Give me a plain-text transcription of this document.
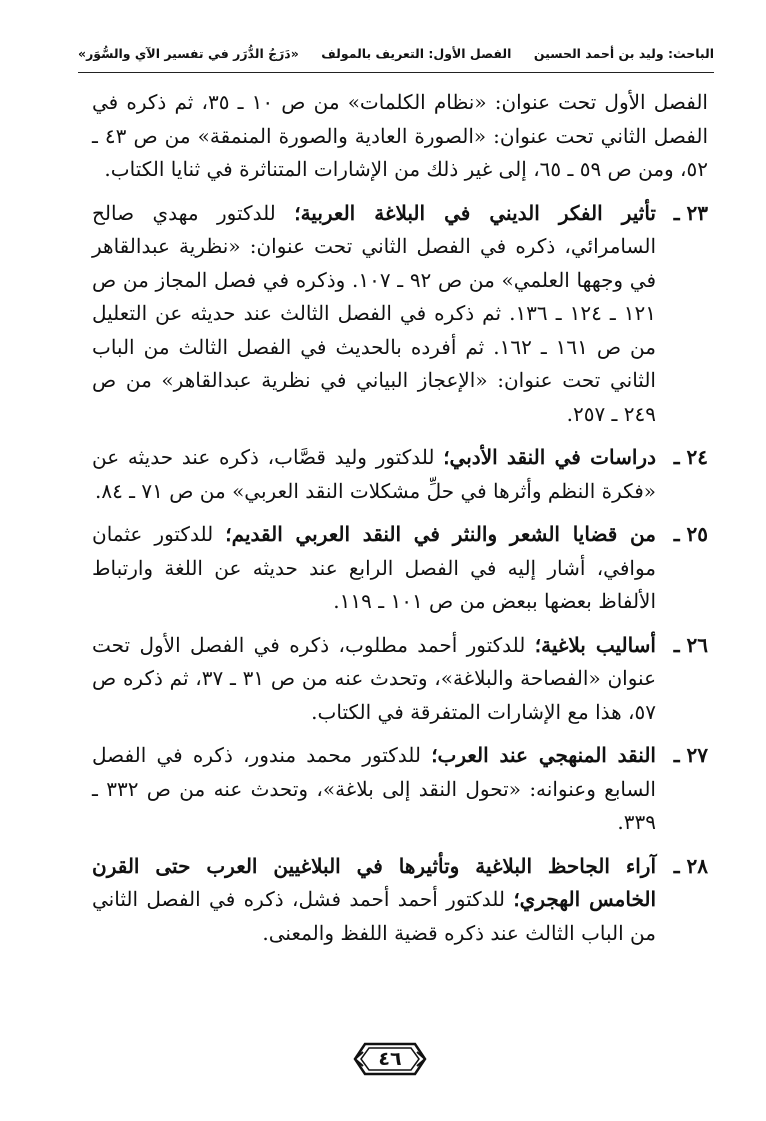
الباحث: وليد بن أحمد الحسين
الفصل الأول: التعريف بالمولف
«دَرَجُ الدُّرَر في تفسير الآي والسُّوَر»

الفصل الأول تحت عنوان: «نظام الكلمات» من ص ١٠ ـ ٣٥، ثم ذكره في الفصل الثاني تحت عنوان: «الصورة العادية والصورة المنمقة» من ص ٤٣ ـ ٥٢، ومن ص ٥٩ ـ ٦٥، إلى غير ذلك من الإشارات المتناثرة في ثنايا الكتاب.

٢٣ ـ
تأثير الفكر الديني في البلاغة العربية؛ للدكتور مهدي صالح السامرائي، ذكره في الفصل الثاني تحت عنوان: «نظرية عبدالقاهر في وجهها العلمي» من ص ٩٢ ـ ١٠٧. وذكره في فصل المجاز من ص ١٢١ ـ ١٢٤ ـ ١٣٦. ثم ذكره في الفصل الثالث عند حديثه عن التعليل من ص ١٦١ ـ ١٦٢. ثم أفرده بالحديث في الفصل الثالث من الباب الثاني تحت عنوان: «الإعجاز البياني في نظرية عبدالقاهر» من ص ٢٤٩ ـ ٢٥٧.
٢٤ ـ
دراسات في النقد الأدبي؛ للدكتور وليد قصَّاب، ذكره عند حديثه عن «فكرة النظم وأثرها في حلِّ مشكلات النقد العربي» من ص ٧١ ـ ٨٤.
٢٥ ـ
من قضايا الشعر والنثر في النقد العربي القديم؛ للدكتور عثمان موافي، أشار إليه في الفصل الرابع عند حديثه عن اللغة وارتباط الألفاظ بعضها ببعض من ص ١٠١ ـ ١١٩.
٢٦ ـ
أساليب بلاغية؛ للدكتور أحمد مطلوب، ذكره في الفصل الأول تحت عنوان «الفصاحة والبلاغة»، وتحدث عنه من ص ٣١ ـ ٣٧، ثم ذكره ص ٥٧، هذا مع الإشارات المتفرقة في الكتاب.
٢٧ ـ
النقد المنهجي عند العرب؛ للدكتور محمد مندور، ذكره في الفصل السابع وعنوانه: «تحول النقد إلى بلاغة»، وتحدث عنه من ص ٣٣٢ ـ ٣٣٩.
٢٨ ـ
آراء الجاحظ البلاغية وتأثيرها في البلاغيين العرب حتى القرن الخامس الهجري؛ للدكتور أحمد أحمد فشل، ذكره في الفصل الثاني من الباب الثالث عند ذكره قضية اللفظ والمعنى.
٤٦
